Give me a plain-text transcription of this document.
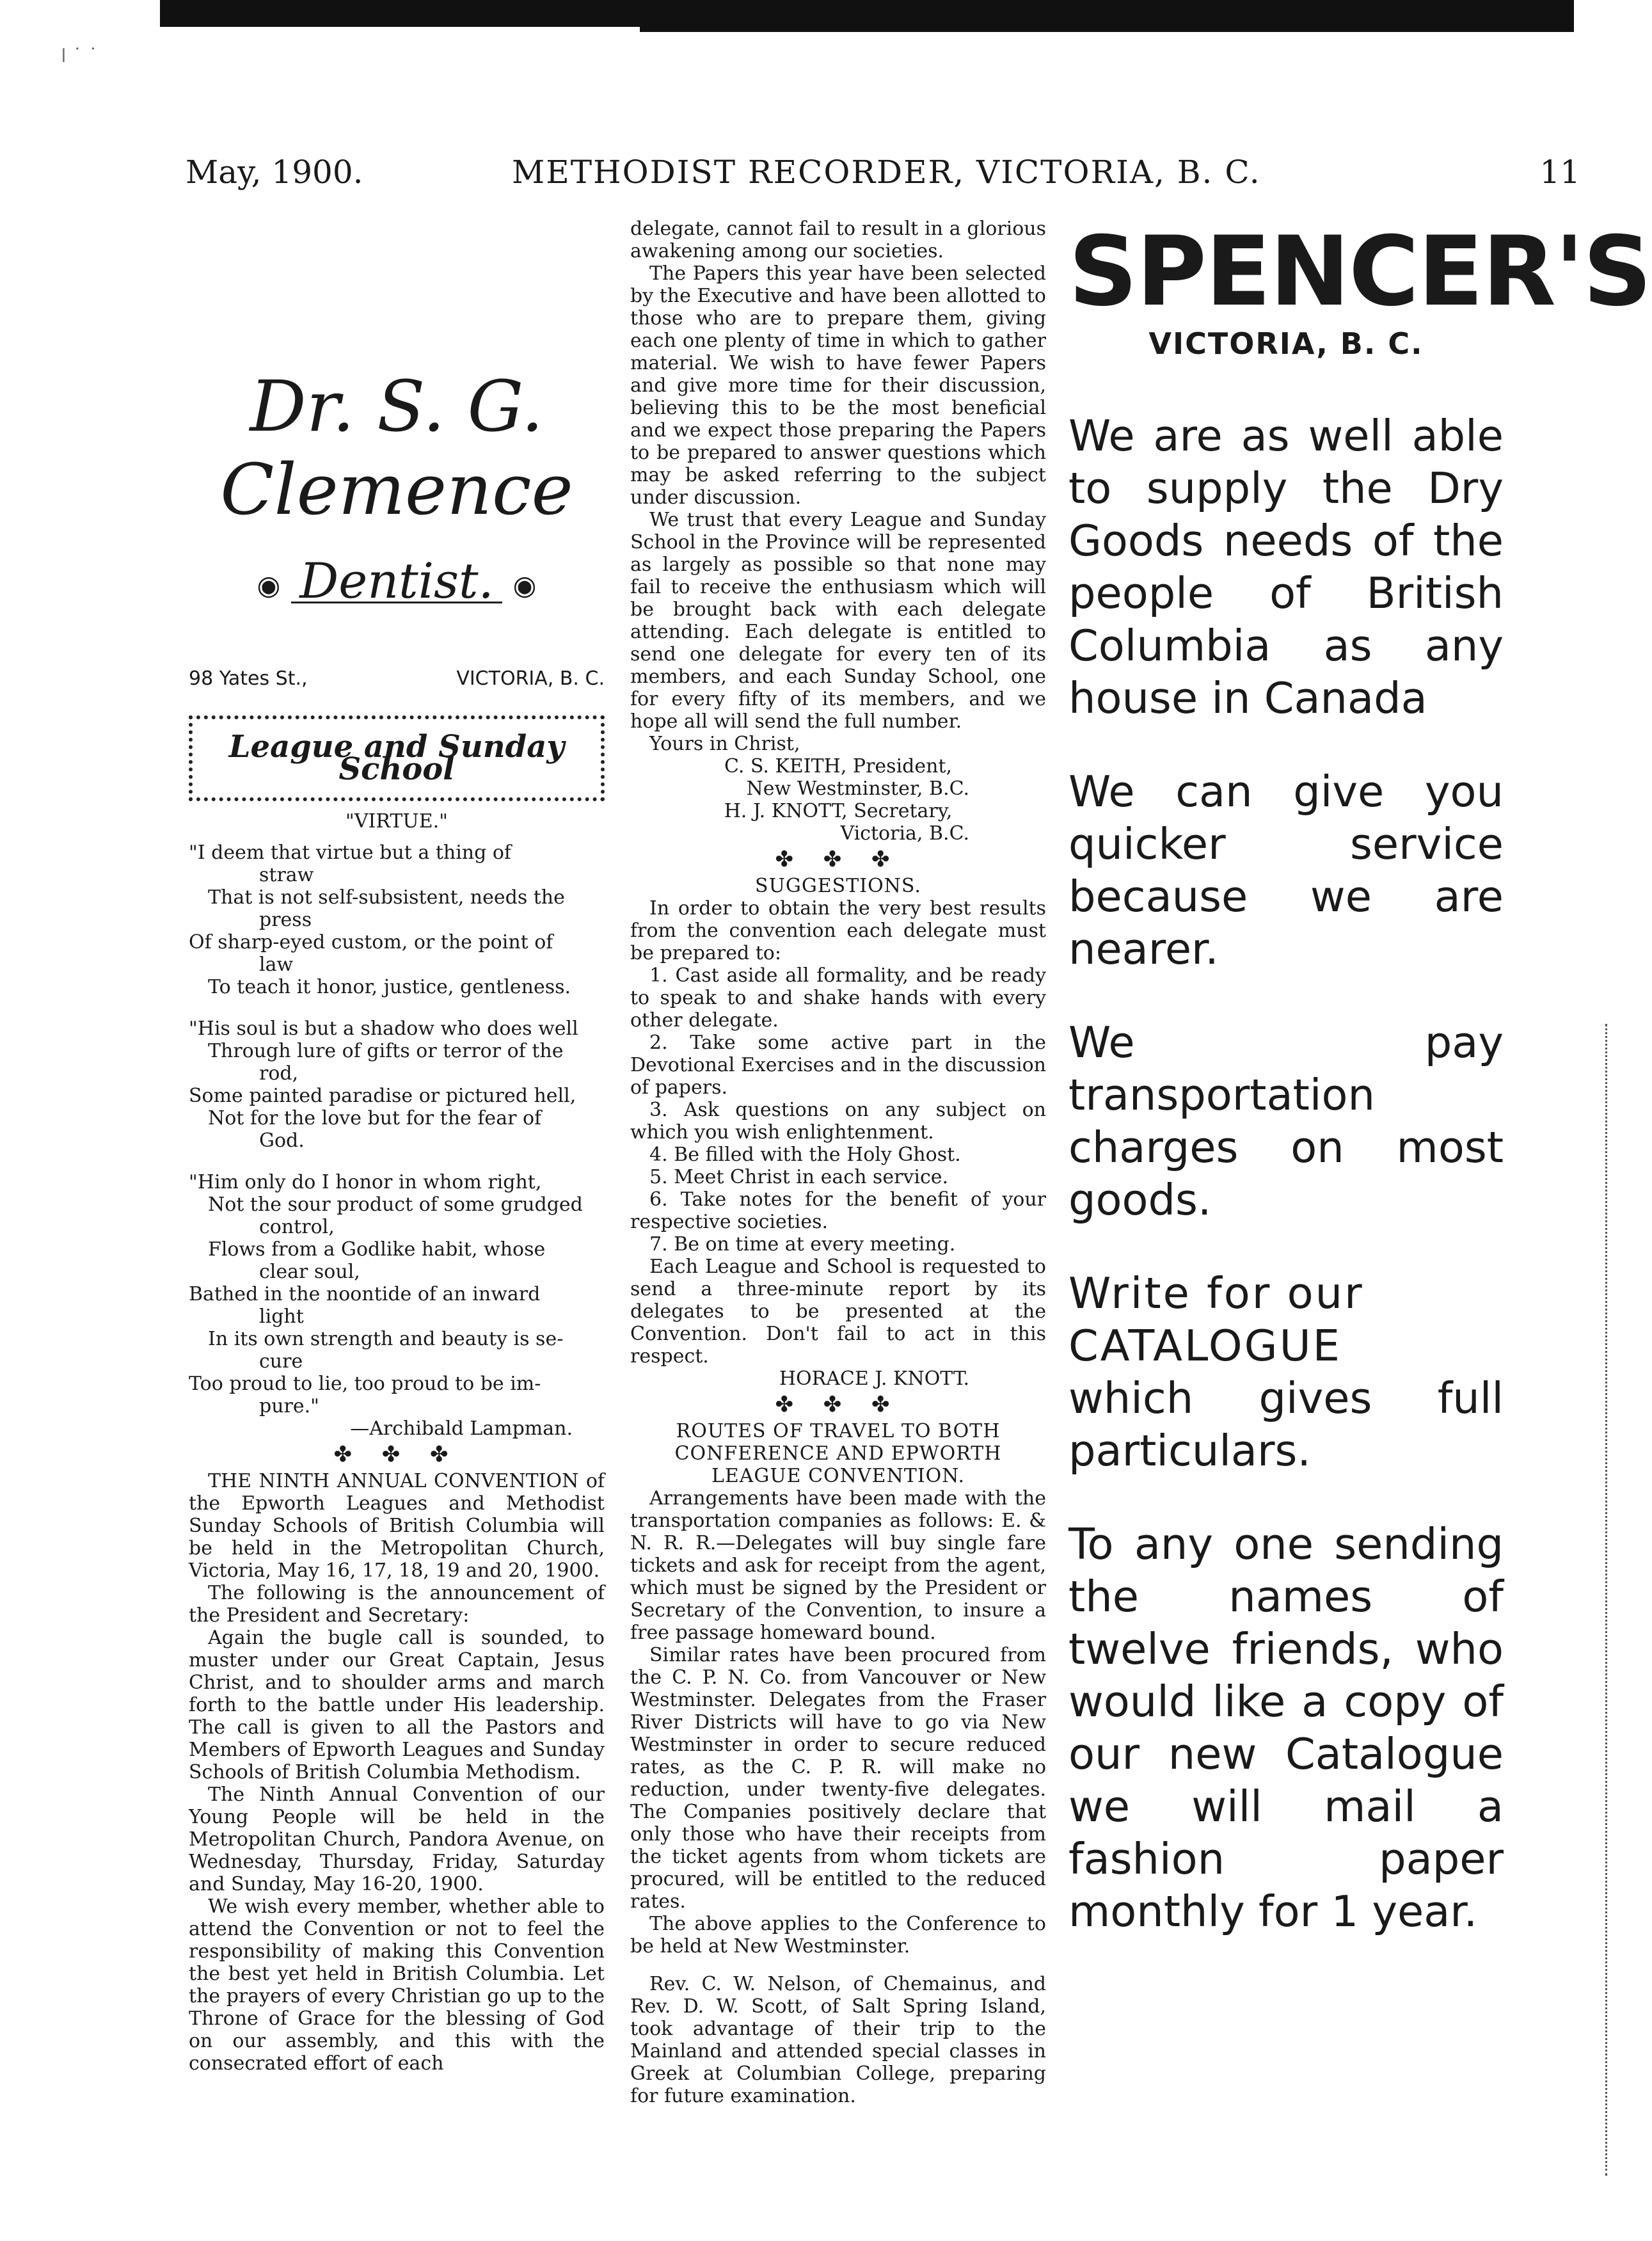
ǀ ˙ ˙
May, 1900.	METHODIST RECORDER, VICTORIA, B. C.	11
Dr. S. G. Clemence
◉ Dentist. ◉
98 Yates St.,	VICTORIA, B. C.
League and Sunday School

"VIRTUE."

"I deem that virtue but a thing of

straw

That is not self-subsistent, needs the

press

Of sharp-eyed custom, or the point of

law

To teach it honor, justice, gentleness.

"His soul is but a shadow who does well

Through lure of gifts or terror of the

rod,

Some painted paradise or pictured hell,

Not for the love but for the fear of

God.

"Him only do I honor in whom right,

Not the sour product of some grudged

control,

Flows from a Godlike habit, whose

clear soul,

Bathed in the noontide of an inward

light

In its own strength and beauty is se-

cure

Too proud to lie, too proud to be im-

pure."

—Archibald Lampman.

✤ ✤ ✤

THE NINTH ANNUAL CONVENTION of the Epworth Leagues and Methodist Sunday Schools of British Columbia will be held in the Metropolitan Church, Victoria, May 16, 17, 18, 19 and 20, 1900.

The following is the announcement of the President and Secretary:

Again the bugle call is sounded, to muster under our Great Captain, Jesus Christ, and to shoulder arms and march forth to the battle under His leadership. The call is given to all the Pastors and Members of Epworth Leagues and Sunday Schools of British Columbia Methodism.

The Ninth Annual Convention of our Young People will be held in the Metropolitan Church, Pandora Avenue, on Wednesday, Thursday, Friday, Saturday and Sunday, May 16-20, 1900.

We wish every member, whether able to attend the Convention or not to feel the responsibility of making this Convention the best yet held in British Columbia. Let the prayers of every Christian go up to the Throne of Grace for the blessing of God on our assembly, and this with the consecrated effort of each

delegate, cannot fail to result in a glorious awakening among our societies.

The Papers this year have been selected by the Executive and have been allotted to those who are to prepare them, giving each one plenty of time in which to gather material. We wish to have fewer Papers and give more time for their discussion, believing this to be the most beneficial and we expect those preparing the Papers to be prepared to answer questions which may be asked referring to the subject under discussion.

We trust that every League and Sunday School in the Province will be represented as largely as possible so that none may fail to receive the enthusiasm which will be brought back with each delegate attending. Each delegate is entitled to send one delegate for every ten of its members, and each Sunday School, one for every fifty of its members, and we hope all will send the full number.

Yours in Christ,

C. S. KEITH, President,

New Westminster, B.C.

H. J. KNOTT, Secretary,

Victoria, B.C.

✤ ✤ ✤

SUGGESTIONS.

In order to obtain the very best results from the convention each delegate must be prepared to:

1. Cast aside all formality, and be ready to speak to and shake hands with every other delegate.

2. Take some active part in the Devotional Exercises and in the discussion of papers.

3. Ask questions on any subject on which you wish enlightenment.

4. Be filled with the Holy Ghost.

5. Meet Christ in each service.

6. Take notes for the benefit of your respective societies.

7. Be on time at every meeting.

Each League and School is requested to send a three-minute report by its delegates to be presented at the Convention. Don't fail to act in this respect.

HORACE J. KNOTT.

✤ ✤ ✤

ROUTES OF TRAVEL TO BOTH

CONFERENCE AND EPWORTH

LEAGUE CONVENTION.

Arrangements have been made with the transportation companies as follows: E. & N. R. R.—Delegates will buy single fare tickets and ask for receipt from the agent, which must be signed by the President or Secretary of the Convention, to insure a free passage homeward bound.

Similar rates have been procured from the C. P. N. Co. from Vancouver or New Westminster. Delegates from the Fraser River Districts will have to go via New Westminster in order to secure reduced rates, as the C. P. R. will make no reduction, under twenty-five delegates. The Companies positively declare that only those who have their receipts from the ticket agents from whom tickets are procured, will be entitled to the reduced rates.

The above applies to the Conference to be held at New Westminster.

Rev. C. W. Nelson, of Chemainus, and Rev. D. W. Scott, of Salt Spring Island, took advantage of their trip to the Mainland and attended special classes in Greek at Columbian College, preparing for future examination.

SPENCER'S
VICTORIA, B. C.

We are as well able to supply the Dry Goods needs of the people of British Columbia as any house in Canada

We can give you quicker service because we are nearer.

We pay transportation charges on most goods.

Write for our
CATALOGUE
which gives full particulars.

To any one sending the names of twelve friends, who would like a copy of our new Catalogue we will mail a fashion paper monthly for 1 year.
